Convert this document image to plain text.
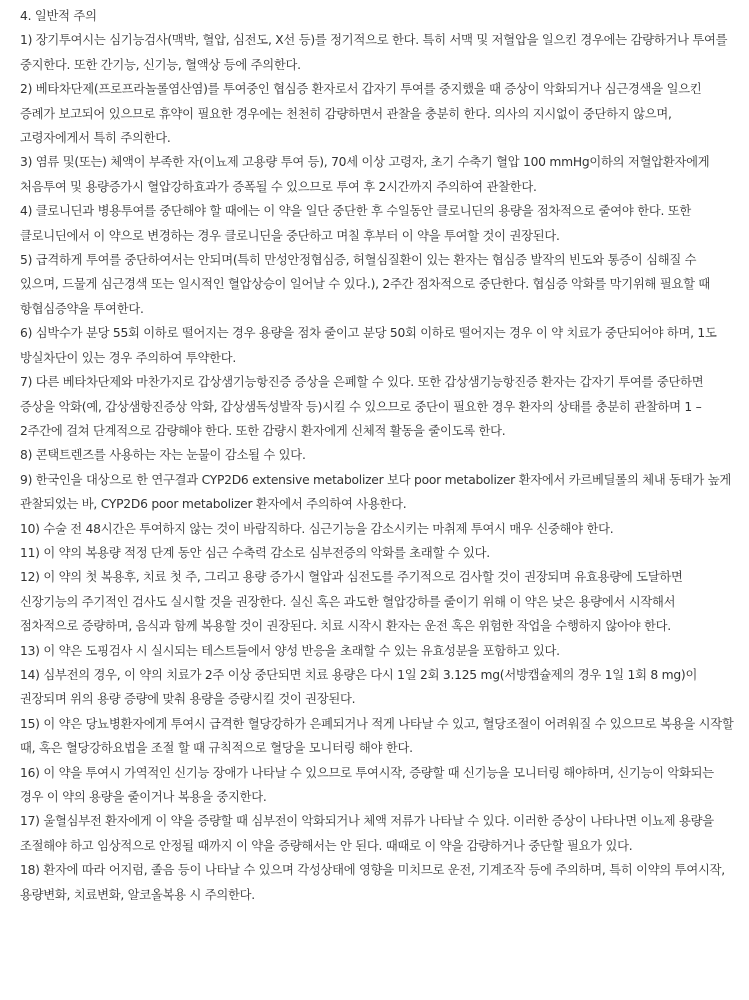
4. 일반적 주의

1) 장기투여시는 심기능검사(맥박, 혈압, 심전도, X선 등)를 정기적으로 한다. 특히 서맥 및 저혈압을 일으킨 경우에는 감량하거나 투여를 중지한다. 또한 간기능, 신기능, 혈액상 등에 주의한다.

2) 베타차단제(프로프라놀롤염산염)를 투여중인 협심증 환자로서 갑자기 투여를 중지했을 때 증상이 악화되거나 심근경색을 일으킨 증례가 보고되어 있으므로 휴약이 필요한 경우에는 천천히 감량하면서 관찰을 충분히 한다. 의사의 지시없이 중단하지 않으며, 고령자에게서 특히 주의한다.

3) 염류 및(또는) 체액이 부족한 자(이뇨제 고용량 투여 등), 70세 이상 고령자, 초기 수축기 혈압 100 mmHg이하의 저혈압환자에게 처음투여 및 용량증가시 혈압강하효과가 증폭될 수 있으므로 투여 후 2시간까지 주의하여 관찰한다.

4) 클로니딘과 병용투여를 중단해야 할 때에는 이 약을 일단 중단한 후 수일동안 클로니딘의 용량을 점차적으로 줄여야 한다. 또한 클로니딘에서 이 약으로 변경하는 경우 클로니딘을 중단하고 며칠 후부터 이 약을 투여할 것이 권장된다.

5) 급격하게 투여를 중단하여서는 안되며(특히 만성안정협심증, 허혈심질환이 있는 환자는 협심증 발작의 빈도와 통증이 심해질 수 있으며, 드물게 심근경색 또는 일시적인 혈압상승이 일어날 수 있다.), 2주간 점차적으로 중단한다. 협심증 악화를 막기위해 필요할 때 항협심증약을 투여한다.

6) 심박수가 분당 55회 이하로 떨어지는 경우 용량을 점차 줄이고 분당 50회 이하로 떨어지는 경우 이 약 치료가 중단되어야 하며, 1도 방실차단이 있는 경우 주의하여 투약한다.

7) 다른 베타차단제와 마찬가지로 갑상샘기능항진증 증상을 은폐할 수 있다. 또한 갑상샘기능항진증 환자는 갑자기 투여를 중단하면 증상을 악화(예, 갑상샘항진증상 악화, 갑상샘독성발작 등)시킬 수 있으므로 중단이 필요한 경우 환자의 상태를 충분히 관찰하며 1 – 2주간에 걸쳐 단계적으로 감량해야 한다. 또한 감량시 환자에게 신체적 활동을 줄이도록 한다.

8) 콘택트렌즈를 사용하는 자는 눈물이 감소될 수 있다.

9) 한국인을 대상으로 한 연구결과 CYP2D6 extensive metabolizer 보다 poor metabolizer 환자에서 카르베딜롤의 체내 동태가 높게 관찰되었는 바, CYP2D6 poor metabolizer 환자에서 주의하여 사용한다.

10) 수술 전 48시간은 투여하지 않는 것이 바람직하다. 심근기능을 감소시키는 마취제 투여시 매우 신중해야 한다.

11) 이 약의 복용량 적정 단계 동안 심근 수축력 감소로 심부전증의 악화를 초래할 수 있다.

12) 이 약의 첫 복용후, 치료 첫 주, 그리고 용량 증가시 혈압과 심전도를 주기적으로 검사할 것이 권장되며 유효용량에 도달하면 신장기능의 주기적인 검사도 실시할 것을 권장한다. 실신 혹은 과도한 혈압강하를 줄이기 위해 이 약은 낮은 용량에서 시작해서 점차적으로 증량하며, 음식과 함께 복용할 것이 권장된다. 치료 시작시 환자는 운전 혹은 위험한 작업을 수행하지 않아야 한다.

13) 이 약은 도핑검사 시 실시되는 테스트들에서 양성 반응을 초래할 수 있는 유효성분을 포함하고 있다.

14) 심부전의 경우, 이 약의 치료가 2주 이상 중단되면 치료 용량은 다시 1일 2회 3.125 mg(서방캡슐제의 경우 1일 1회 8 mg)이 권장되며 위의 용량 증량에 맞춰 용량을 증량시킬 것이 권장된다.

15) 이 약은 당뇨병환자에게 투여시 급격한 혈당강하가 은폐되거나 적게 나타날 수 있고, 혈당조절이 어려워질 수 있으므로 복용을 시작할 때, 혹은 혈당강하요법을 조절 할 때 규칙적으로 혈당을 모니터링 해야 한다.

16) 이 약을 투여시 가역적인 신기능 장애가 나타날 수 있으므로 투여시작, 증량할 때 신기능을 모니터링 해야하며, 신기능이 악화되는 경우 이 약의 용량을 줄이거나 복용을 중지한다.

17) 울혈심부전 환자에게 이 약을 증량할 때 심부전이 악화되거나 체액 저류가 나타날 수 있다. 이러한 증상이 나타나면 이뇨제 용량을 조절해야 하고 임상적으로 안정될 때까지 이 약을 증량해서는 안 된다. 때때로 이 약을 감량하거나 중단할 필요가 있다.

18) 환자에 따라 어지럼, 졸음 등이 나타날 수 있으며 각성상태에 영향을 미치므로 운전, 기계조작 등에 주의하며, 특히 이약의 투여시작, 용량변화, 치료변화, 알코올복용 시 주의한다.
